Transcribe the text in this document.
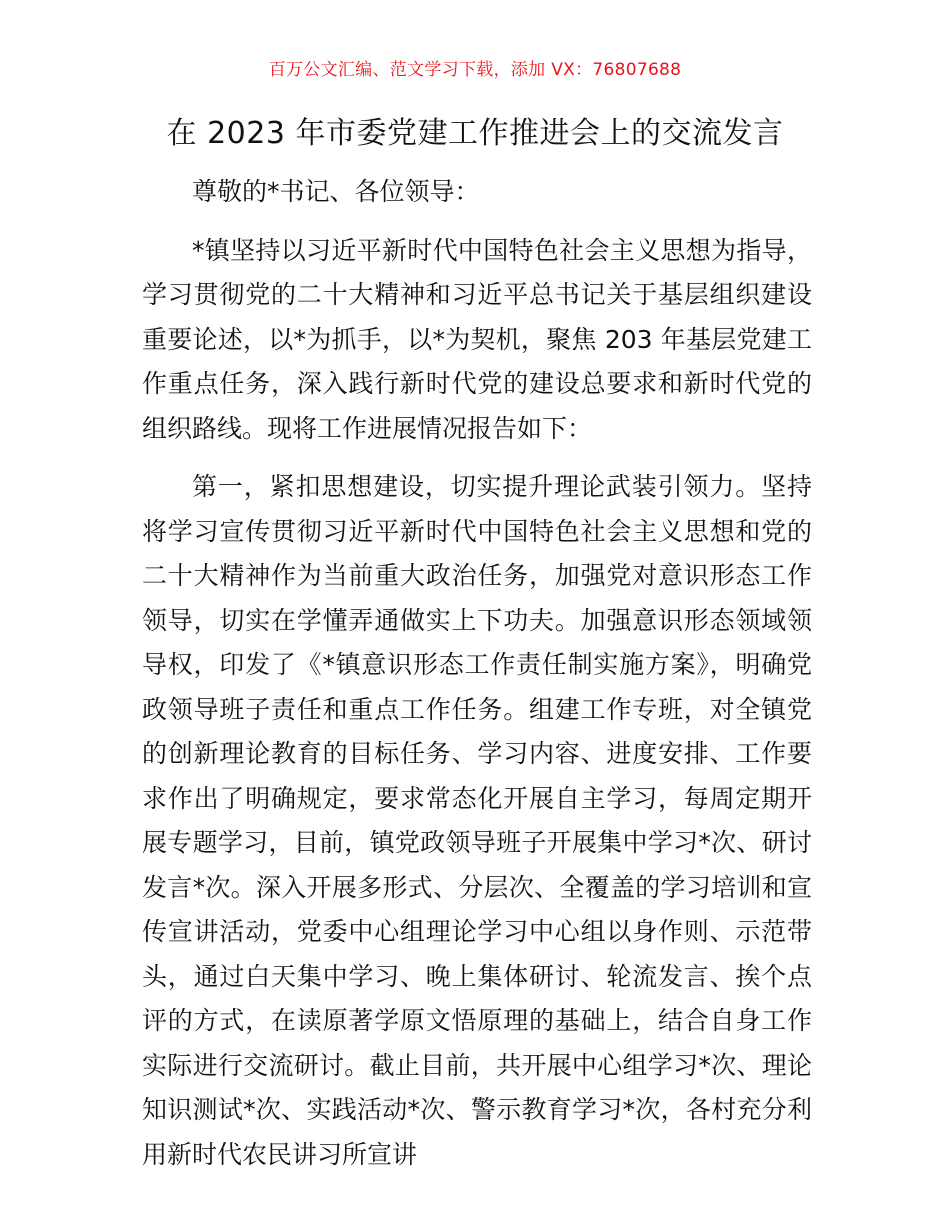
百万公文汇编、范文学习下载，添加 VX：76807688
在 2023 年市委党建工作推进会上的交流发言

尊敬的*书记、各位领导：

*镇坚持以习近平新时代中国特色社会主义思想为指导，学习贯彻党的二十大精神和习近平总书记关于基层组织建设重要论述，以*为抓手，以*为契机，聚焦 203 年基层党建工作重点任务，深入践行新时代党的建设总要求和新时代党的组织路线。现将工作进展情况报告如下：

第一，紧扣思想建设，切实提升理论武装引领力。坚持将学习宣传贯彻习近平新时代中国特色社会主义思想和党的二十大精神作为当前重大政治任务，加强党对意识形态工作领导，切实在学懂弄通做实上下功夫。加强意识形态领域领导权，印发了《*镇意识形态工作责任制实施方案》，明确党政领导班子责任和重点工作任务。组建工作专班，对全镇党的创新理论教育的目标任务、学习内容、进度安排、工作要求作出了明确规定，要求常态化开展自主学习，每周定期开展专题学习，目前，镇党政领导班子开展集中学习*次、研讨发言*次。深入开展多形式、分层次、全覆盖的学习培训和宣传宣讲活动，党委中心组理论学习中心组以身作则、示范带头，通过白天集中学习、晚上集体研讨、轮流发言、挨个点评的方式，在读原著学原文悟原理的基础上，结合自身工作实际进行交流研讨。截止目前，共开展中心组学习*次、理论知识测试*次、实践活动*次、警示教育学习*次，各村充分利用新时代农民讲习所宣讲
